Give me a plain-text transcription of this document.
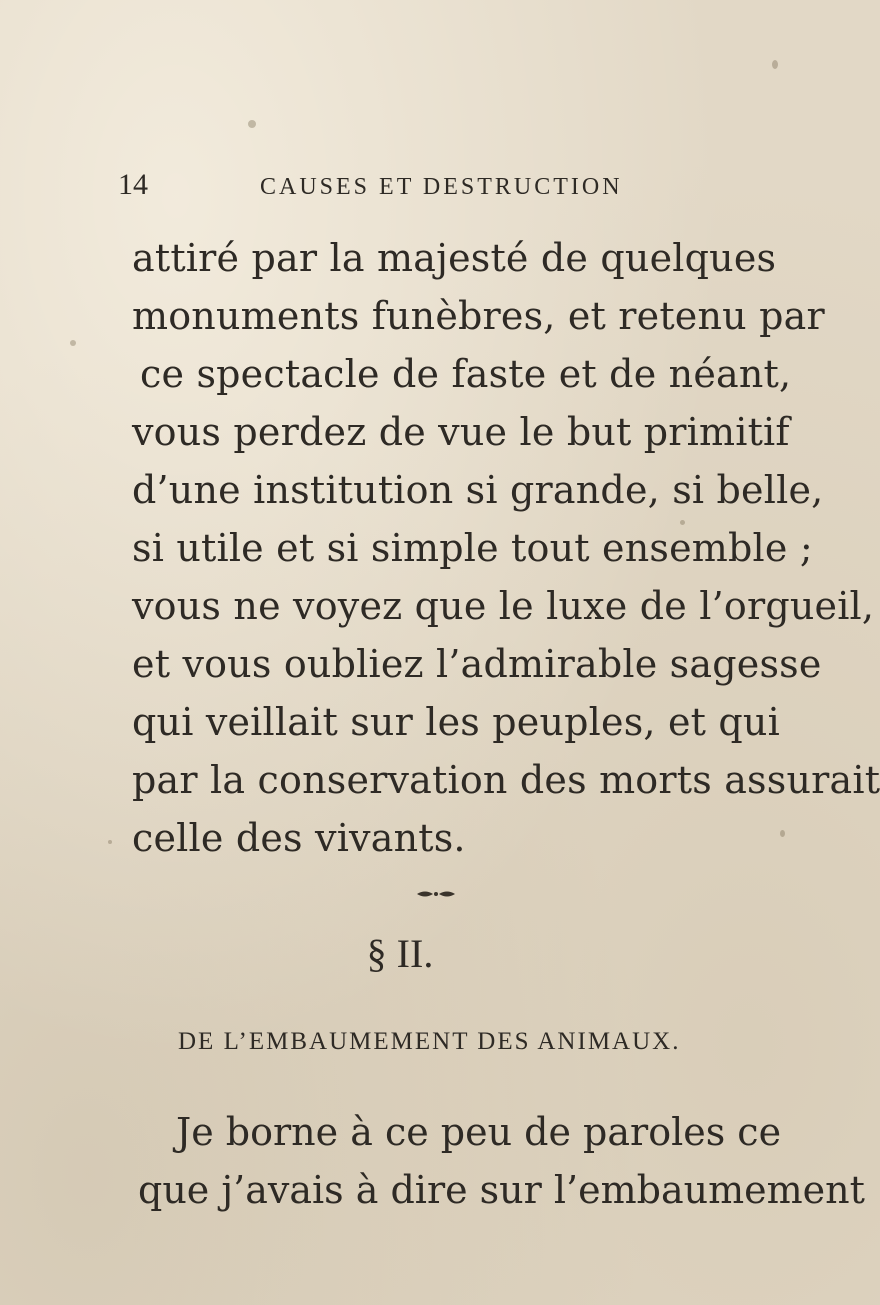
14	CAUSES ET DESTRUCTION
attiré par la majesté de quelques
monuments funèbres, et retenu par
ce spectacle de faste et de néant,
vous perdez de vue le but primitif
d’une institution si grande, si belle,
si utile et si simple tout ensemble ;
vous ne voyez que le luxe de l’orgueil,
et vous oubliez l’admirable sagesse
qui veillait sur les peuples, et qui
par la conservation des morts assurait
celle des vivants.
§ II.
DE L’EMBAUMEMENT DES ANIMAUX.
Je borne à ce peu de paroles ce
que j’avais à dire sur l’embaumement
